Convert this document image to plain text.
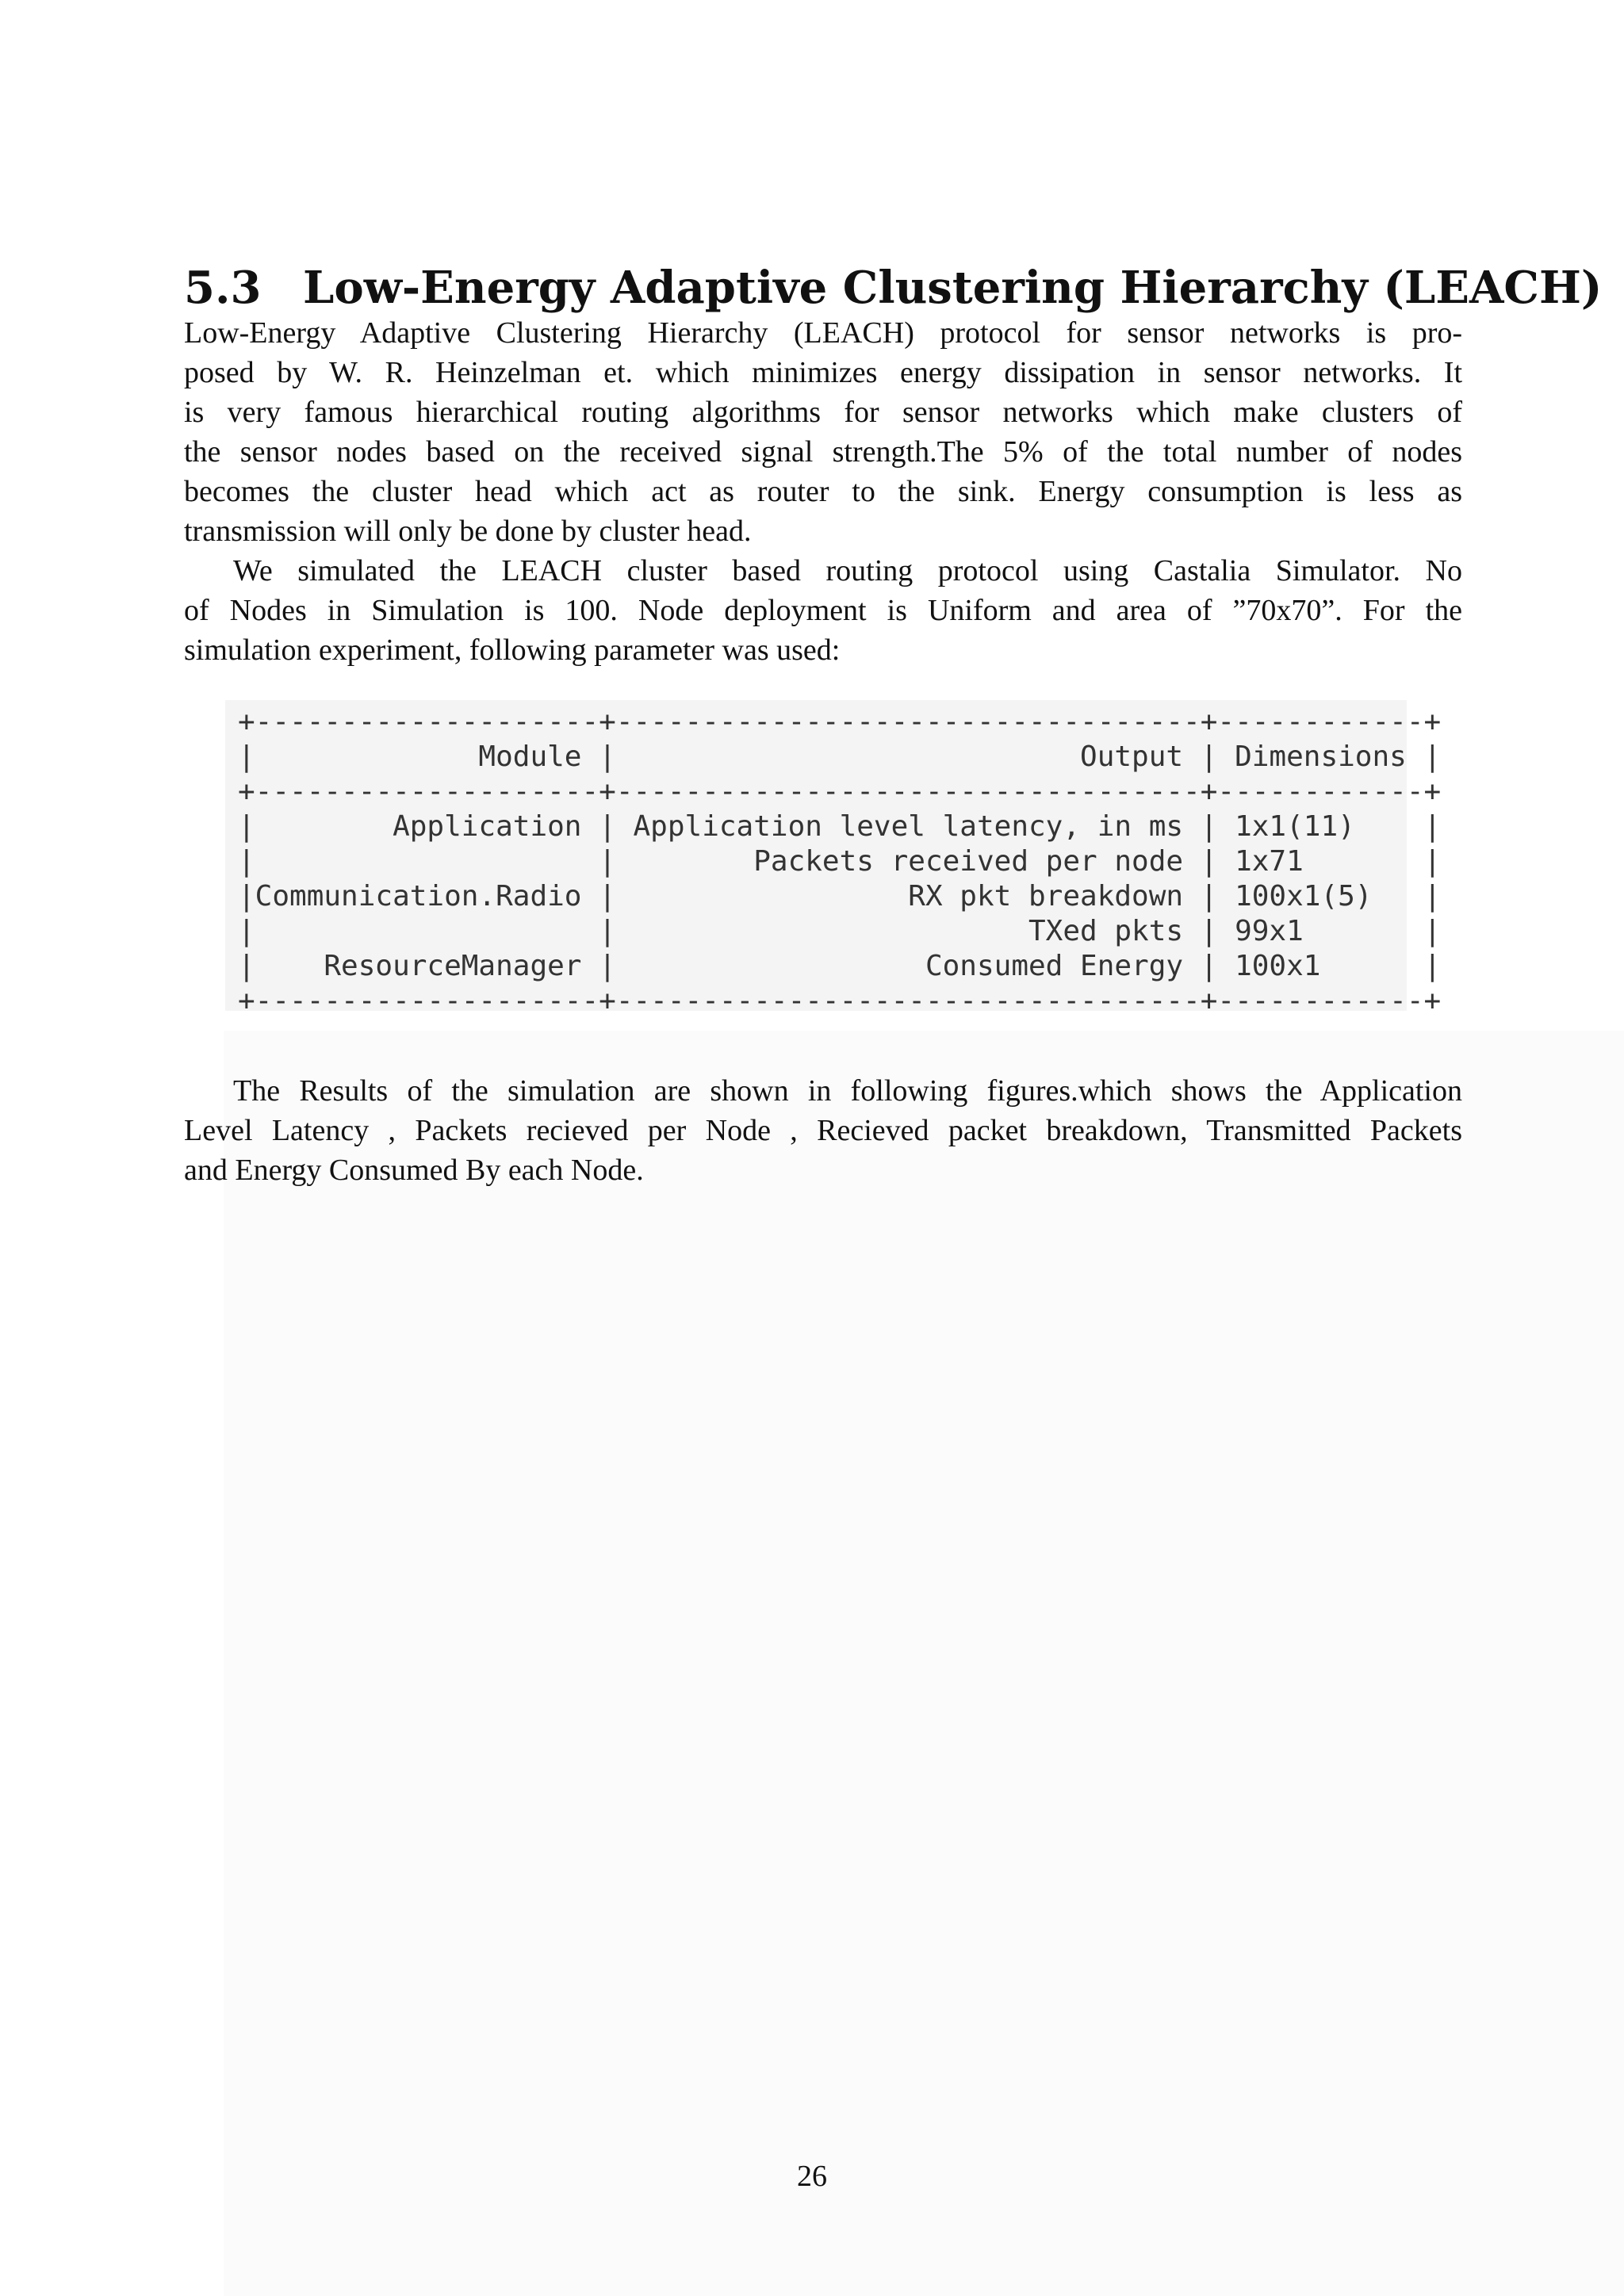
5.3 Low-Energy Adaptive Clustering Hierarchy (LEACH)

Low-Energy Adaptive Clustering Hierarchy (LEACH) protocol for sensor networks is pro-
posed by W. R. Heinzelman et. which minimizes energy dissipation in sensor networks. It
is very famous hierarchical routing algorithms for sensor networks which make clusters of
the sensor nodes based on the received signal strength.The 5% of the total number of nodes
becomes the cluster head which act as router to the sink. Energy consumption is less as
transmission will only be done by cluster head.

We simulated the LEACH cluster based routing protocol using Castalia Simulator. No
of Nodes in Simulation is 100. Node deployment is Uniform and area of ”70x70”. For the
simulation experiment, following parameter was used:

+--------------------+----------------------------------+------------+
|             Module |                           Output | Dimensions |
+--------------------+----------------------------------+------------+
|        Application | Application level latency, in ms | 1x1(11)    |
|                    |        Packets received per node | 1x71       |
|Communication.Radio |                 RX pkt breakdown | 100x1(5)   |
|                    |                        TXed pkts | 99x1       |
|    ResourceManager |                  Consumed Energy | 100x1      |
+--------------------+----------------------------------+------------+

The Results of the simulation are shown in following figures.which shows the Application
Level Latency , Packets recieved per Node , Recieved packet breakdown, Transmitted Packets
and Energy Consumed By each Node.

26
